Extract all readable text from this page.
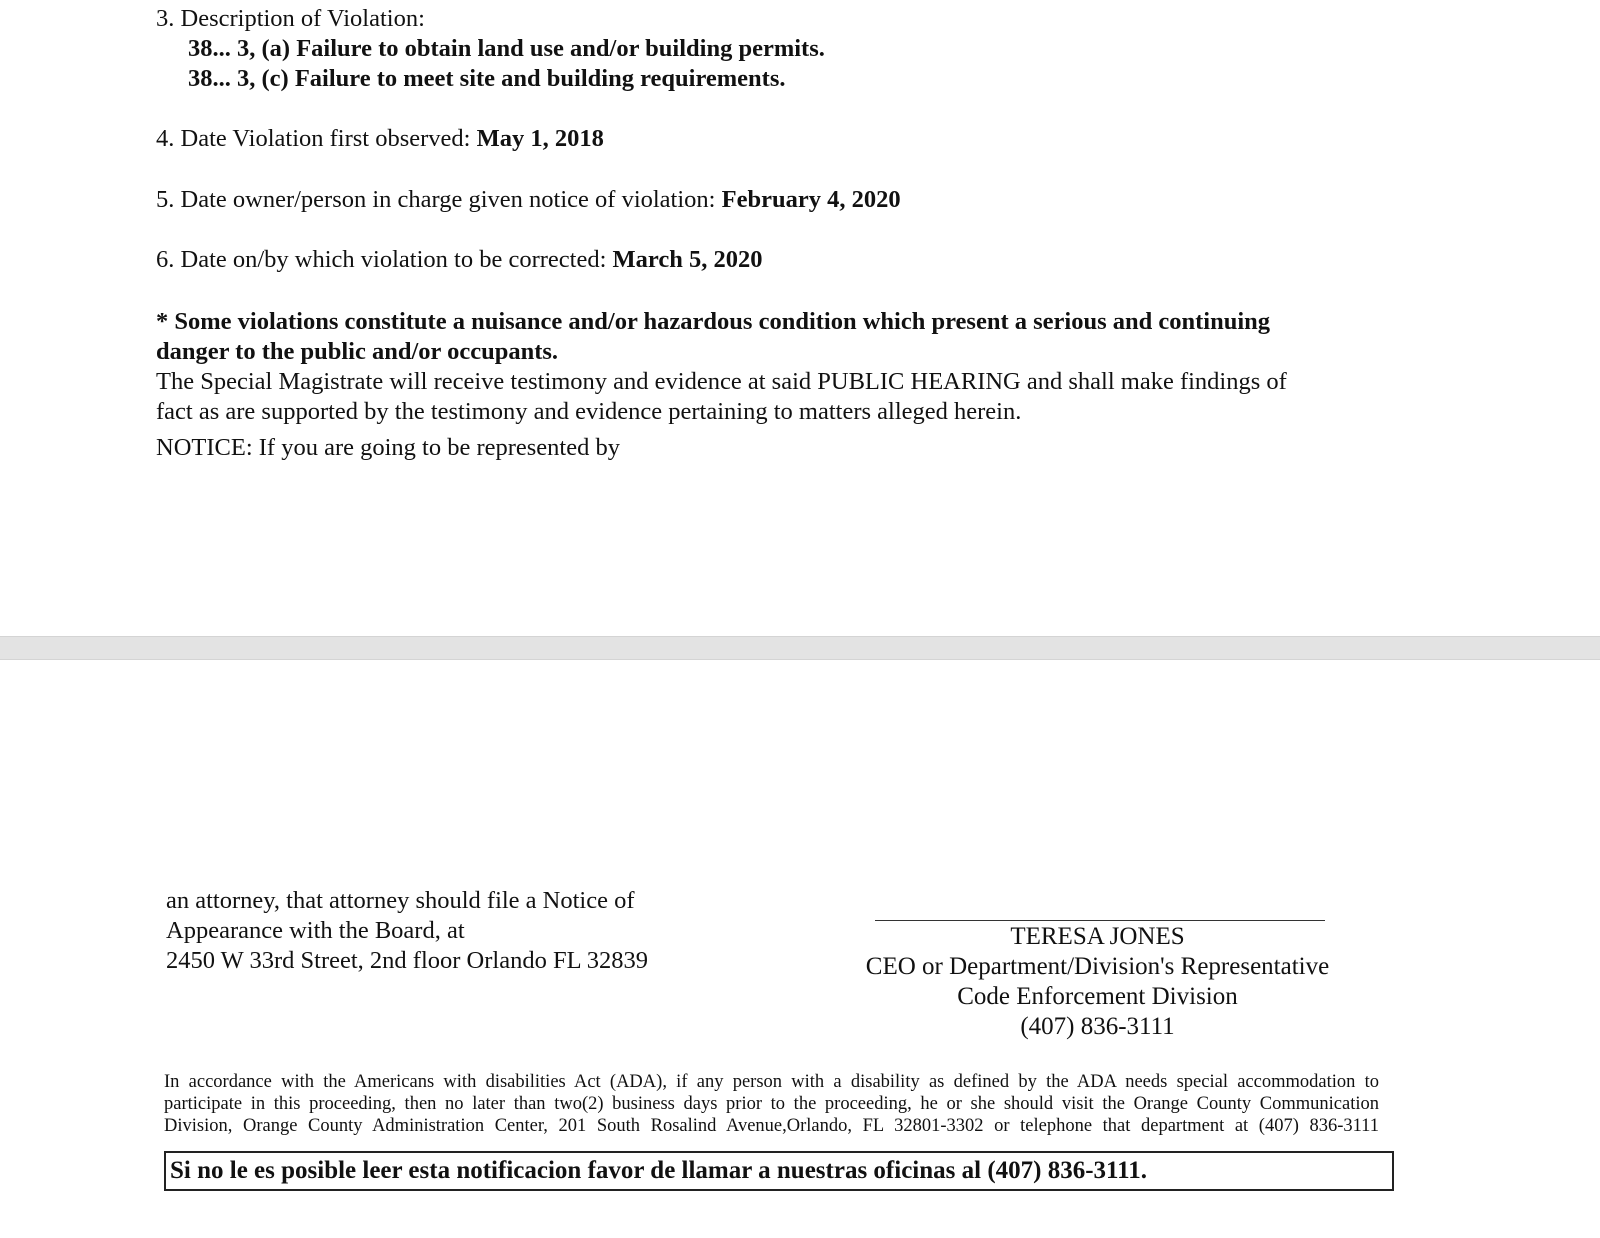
3. Description of Violation:
38... 3, (a) Failure to obtain land use and/or building permits.
38... 3, (c) Failure to meet site and building requirements.
4. Date Violation first observed: May 1, 2018
5. Date owner/person in charge given notice of violation: February 4, 2020
6. Date on/by which violation to be corrected: March 5, 2020
* Some violations constitute a nuisance and/or hazardous condition which present a serious and continuing
danger to the public and/or occupants.
The Special Magistrate will receive testimony and evidence at said PUBLIC HEARING and shall make findings of
fact as are supported by the testimony and evidence pertaining to matters alleged herein.
NOTICE: If you are going to be represented by
an attorney, that attorney should file a Notice of
Appearance with the Board, at
2450 W 33rd Street, 2nd floor Orlando FL 32839
TERESA JONES
CEO or Department/Division's Representative
Code Enforcement Division
(407) 836-3111
In accordance with the Americans with disabilities Act (ADA), if any person with a disability as defined by the ADA needs special accommodation to
participate in this proceeding, then no later than two(2) business days prior to the proceeding, he or she should visit the Orange County Communication
Division, Orange County Administration Center, 201 South Rosalind Avenue,Orlando, FL 32801-3302 or telephone that department at (407) 836-3111
Si no le es posible leer esta notificacion favor de llamar a nuestras oficinas al (407) 836-3111.
